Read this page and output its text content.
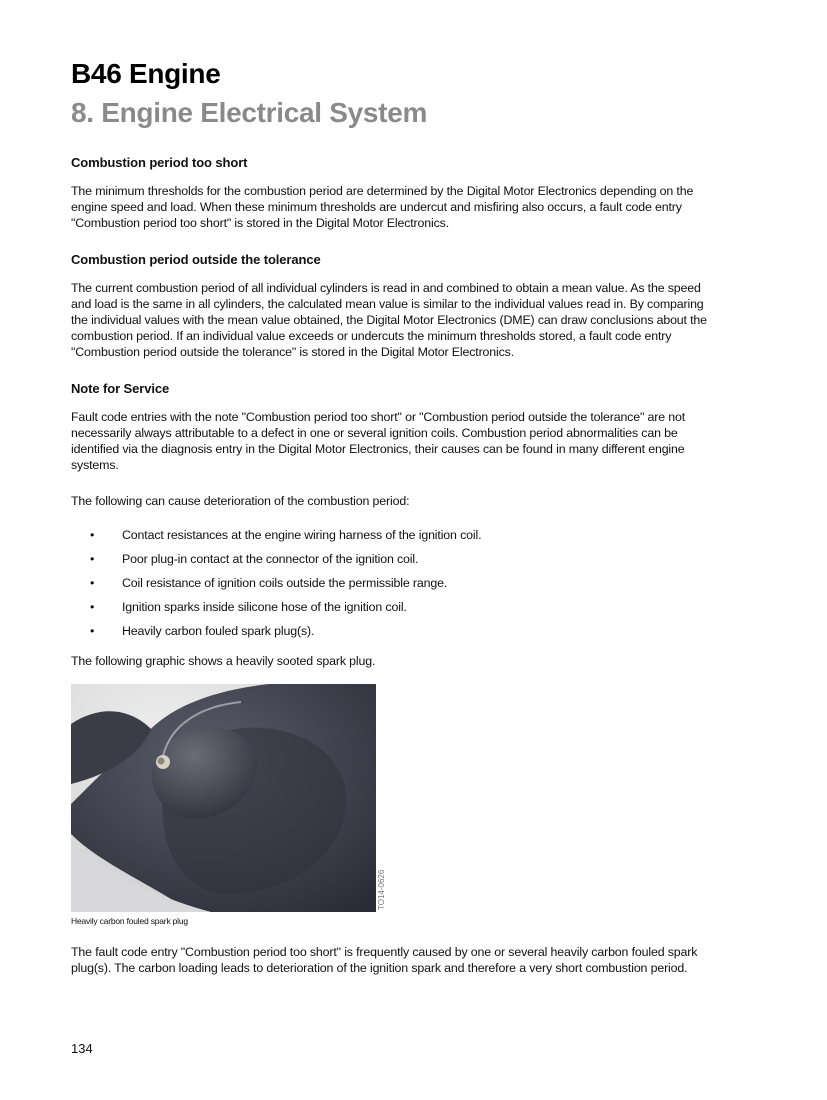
B46 Engine
8. Engine Electrical System
Combustion period too short

The minimum thresholds for the combustion period are determined by the Digital Motor Electronics depending on the engine speed and load. When these minimum thresholds are undercut and misfiring also occurs, a fault code entry "Combustion period too short" is stored in the Digital Motor Electronics.

Combustion period outside the tolerance

The current combustion period of all individual cylinders is read in and combined to obtain a mean value. As the speed and load is the same in all cylinders, the calculated mean value is similar to the individual values read in. By comparing the individual values with the mean value obtained, the Digital Motor Electronics (DME) can draw conclusions about the combustion period. If an individual value exceeds or undercuts the minimum thresholds stored, a fault code entry "Combustion period outside the tolerance" is stored in the Digital Motor Electronics.

Note for Service

Fault code entries with the note "Combustion period too short" or "Combustion period outside the tolerance" are not necessarily always attributable to a defect in one or several ignition coils. Combustion period abnormalities can be identified via the diagnosis entry in the Digital Motor Electronics, their causes can be found in many different engine systems.

The following can cause deterioration of the combustion period:

• Contact resistances at the engine wiring harness of the ignition coil.
• Poor plug-in contact at the connector of the ignition coil.
• Coil resistance of ignition coils outside the permissible range.
• Ignition sparks inside silicone hose of the ignition coil.
• Heavily carbon fouled spark plug(s).

The following graphic shows a heavily sooted spark plug.

TO14-0626
Heavily carbon fouled spark plug

The fault code entry "Combustion period too short" is frequently caused by one or several heavily carbon fouled spark plug(s). The carbon loading leads to deterioration of the ignition spark and therefore a very short combustion period.

134
